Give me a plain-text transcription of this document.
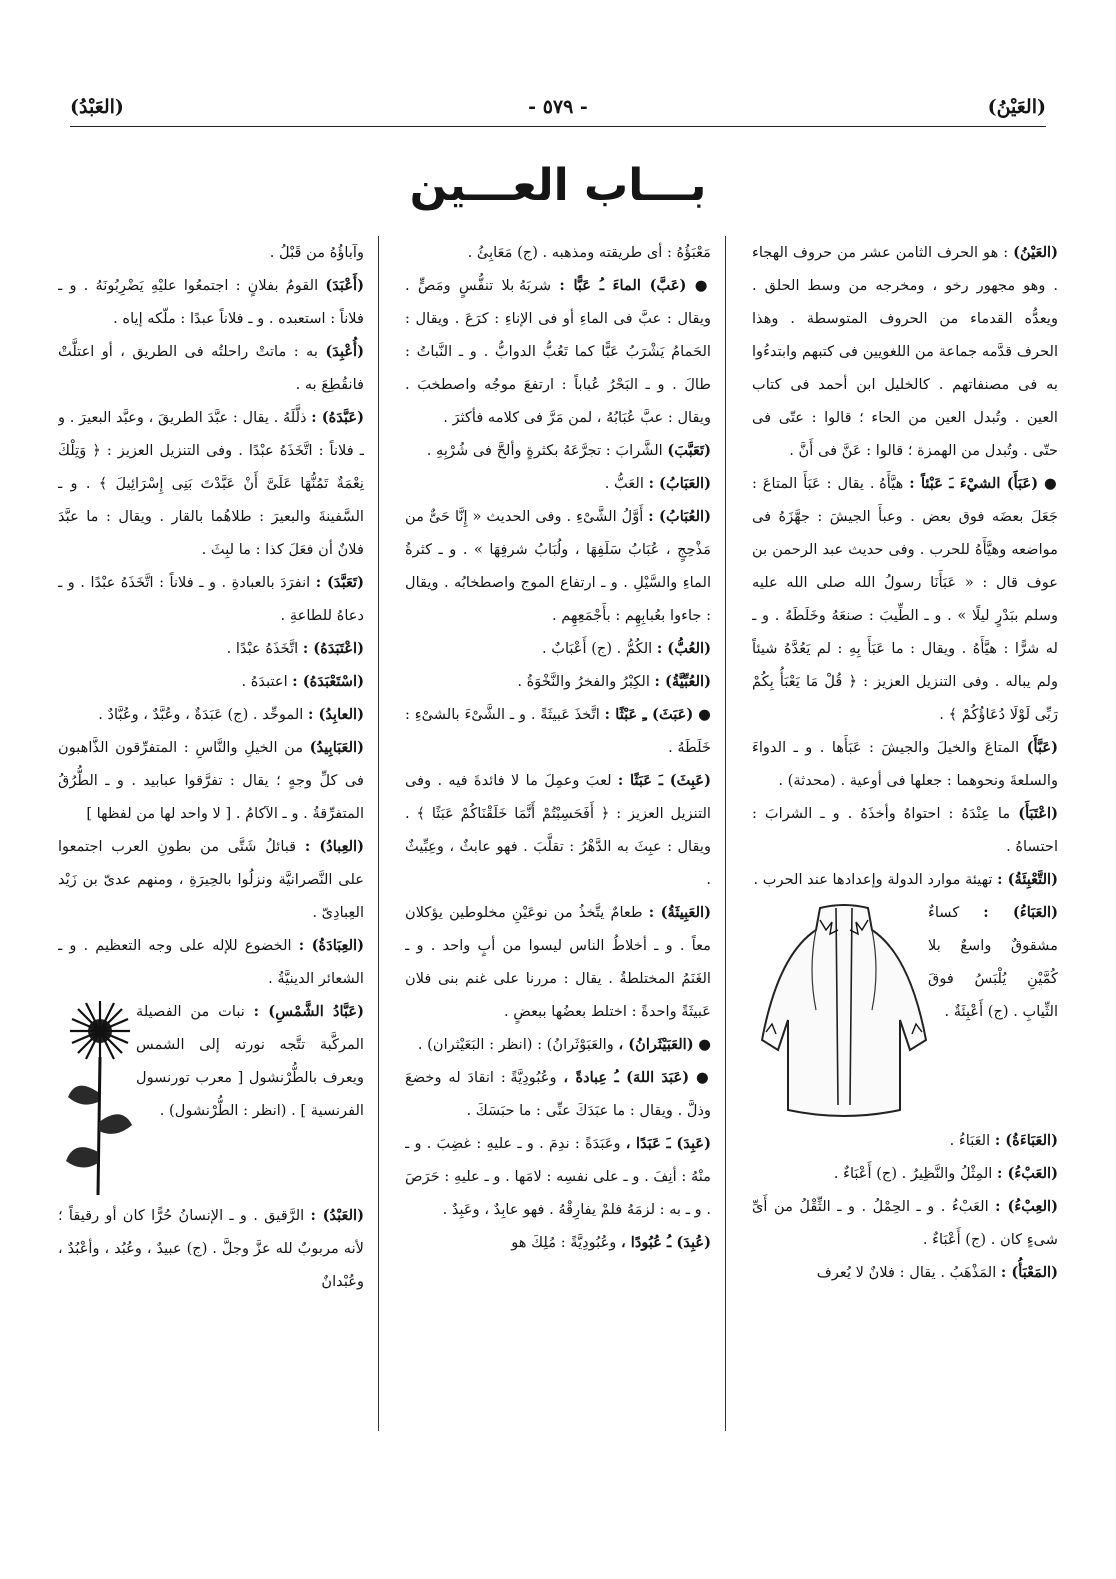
(العَيْنُ)
- ٥٧٩ -
(العَبْدُ)
بـــاب العـــين

(العَيْنُ) : هو الحرف الثامن عشر من حروف الهجاء . وهو مجهور رخو ، ومخرجه من وسط الحلق . ويعدُّه القدماء من الحروف المتوسطة . وهذا الحرف قدَّمه جماعة من اللغويين فى كتبهم وابتدءُوا به فى مصنفاتهم . كالخليل ابن أحمد فى كتاب العين . وتُبدل العين من الحاء ؛ قالوا : عتّى فى حتّى . وتُبدل من الهمزة ؛ قالوا : عَنَّ فى أَنَّ .

● (عَبَأَ) الشيْءَ ـَ عَبْئاً : هيَّأَهُ . يقال : عَبَأَ المتاعَ : جَعَلَ بعضَه فوق بعض . وعبأَ الجيشَ : جهَّزَهُ فى مواضعه وهيَّأَهُ للحرب . وفى حديث عبد الرحمن بن عوف قال : « عَبَأَنَا رسولُ الله صلى الله عليه وسلم ببَدْرٍ ليلًا » . و ـ الطِّيبَ : صنعَهُ وخَلَطَهُ . و ـ له شرًّا : هيَّأَهُ . ويقال : ما عَبَأَ بِهِ : لم يَعُدَّهُ شيئاً ولم يباله . وفى التنزيل العزيز : ﴿ قُلْ مَا يَعْبَأُ بِكُمْ رَبِّى لَوْلَا دُعَاؤُكُمْ ﴾ .

(عَبَّأَ) المتاعَ والخيلَ والجيشَ : عَبَأَها . و ـ الدواءَ والسلعةَ ونحوهما : جعلها فى أوعية . (محدثة) .

(اعْتَبَأَ) ما عِنْدَهُ : احتواهُ وأخذَهُ . و ـ الشرابَ : احتساهُ .

(التَّعْبِئَةُ) : تهيئة موارد الدولة وإعدادها عند الحرب .

(العَبَاءُ) : كساءٌ مشقوقٌ واسعٌ بلا كُمَّيْنِ يُلْبَسُ فوقَ الثِّيابِ . (ج) أَعْبِئَةٌ .

(العَبَاءَةُ) : العَبَاءُ .

(العَبْءُ) : المِثْلُ والنَّظِيرُ . (ج) أَعْبَاءٌ .

(العِبْءُ) : العَبْءُ . و ـ الحِمْلُ . و ـ الثِّقْلُ من أَىِّ شىءٍ كان . (ج) أَعْبَاءٌ .

(المَعْبَأُ) : المَذْهَبُ . يقال : فلانٌ لا يُعرف

مَعْبَؤُهُ : أى طريقته ومذهبه . (ج) مَعَابِئُ .

● (عَبَّ) الماءَ ـُ عَبًّا : شربَهُ بلا تنفُّسٍ ومَصٍّ . ويقال : عبَّ فى الماءِ أو فى الإناءِ : كرَعَ . ويقال : الحَمامُ يَشْرَبُ عَبًّا كما تَعُبُّ الدوابُّ . و ـ النَّباتُ : طالَ . و ـ البَحْرُ عُباباً : ارتفعَ موجُه واصطخبَ . ويقال : عبَّ عُبَابُهُ ، لمن مَرَّ فى كلامه فأكثرَ .

(تَعَبَّبَ) الشَّرابَ : تجرَّعَهُ بكثرةٍ وألحَّ فى شُرْبِهِ .

(العَبَابُ) : العَبُّ .

(العُبَابُ) : أَوَّلُ الشَّىْءِ . وفى الحديث « إِنَّا حَىٌّ من مَذْحِجٍ ، عُبَابُ سَلَفِهَا ، ولُبَابُ شرفِهَا » . و ـ كثرةُ الماءِ والسَّيْلِ . و ـ ارتفاع الموج واصطخابُه . ويقال : جاءوا بعُبابِهِم : بأَجْمَعِهِم .

(العُبُّ) : الكُمُّ . (ج) أَعْبَابٌ .

(العُبِّيَّةُ) : الكِبْرُ والفخرُ والنَّخْوَةُ .

● (عَبَثَ) ـِ عَبْثًا : اتَّخذَ عَبيثَةً . و ـ الشَّىْءَ بالشىْءِ : خَلَطَهُ .

(عَبِثَ) ـَ عَبَثًا : لعبَ وعمِلَ ما لا فائدةَ فيه . وفى التنزيل العزيز : ﴿ أَفَحَسِبْتُمْ أَنَّمَا خَلَقْنَاكُمْ عَبَثًا ﴾ . ويقال : عبِثَ به الدَّهْرُ : تقلَّبَ . فهو عابثٌ ، وعِبِّيثٌ .

(العَبِيثَةُ) : طعامٌ يتَّخذُ من نوعَيْنِ مخلوطين يؤكلان معاً . و ـ أخلاطُ الناس ليسوا من أبٍ واحد . و ـ الغَنَمُ المختلطةُ . يقال : مررنا على غنم بنى فلان عَبيثَةً واحدةً : اختلط بعضُها ببعضٍ .

● (العَبَيْثَرانُ) ، والعَبَوْثَرانُ) : (انظر : البَعَيْثران) .

● (عَبَدَ اللهَ) ـُ عِبادةً ، وعُبُودِيَّةً : انقادَ له وخضعَ وذلَّ . ويقال : ما عبَدَكَ عنِّى : ما حبَسَكَ .

(عَبِدَ) ـَ عَبَدًا ، وعَبَدَةً : ندِمَ . و ـ عليهِ : غضِبَ . و ـ منْهُ : أنِفَ . و ـ على نفسِه : لامَها . و ـ عليهِ : حَرَصَ . و ـ به : لزمَهُ فلمْ يفارِقْهُ . فهو عابِدٌ ، وعَبِدٌ .

(عُبِدَ) ـُ عُبُودًا ، وعُبُودِيَّةً : مُلِكَ هو

وآباؤُهُ من قَبْلُ .

(أَعْبَدَ) القومُ بفلانٍ : اجتمعُوا عليْهِ يَضْرِبُونَهُ . و ـ فلاناً : استعبده . و ـ فلاناً عبدًا : ملّكه إياه .

(أُعْبِدَ) به : ماتتْ راحلتُه فى الطريق ، أو اعتلَّتْ فانقُطِعَ به .

(عَبَّدَهُ) : ذلَّلَهُ . يقال : عبَّدَ الطريقَ ، وعبَّد البعيرَ . و ـ فلاناً : اتَّخَذَهُ عبْدًا . وفى التنزيل العزيز : ﴿ وَتِلْكَ نِعْمَةٌ تَمُنُّهَا عَلَىَّ أَنْ عَبَّدْتَ بَنِى إِسْرَائِيلَ ﴾ . و ـ السَّفينةَ والبعيرَ : طلاهُما بالقار . ويقال : ما عبَّدَ فلانٌ أن فعَلَ كذا : ما لبِثَ .

(تَعَبَّدَ) : انفرَدَ بالعبادةِ . و ـ فلاناً : اتَّخَذَهُ عبْدًا . و ـ دعاهُ للطاعةِ .

(اعْتَبَدَهُ) : اتَّخَذَهُ عبْدًا .

(اسْتَعْبَدَهُ) : اعتبدَهُ .

(العابِدُ) : الموحِّد . (ج) عَبَدَةٌ ، وعُبَّدٌ ، وعُبَّادٌ .

(العَبَابِيدُ) من الخيلِ والنَّاسِ : المتفرِّقون الذَّاهبون فى كلِّ وجهٍ ؛ يقال : تفرَّقوا عبابيد . و ـ الطُّرُقُ المتفرِّقةُ . و ـ الآكامُ . [ لا واحد لها من لفظها ]

(العِبادُ) : قبائلُ شَتَّى من بطونِ العرب اجتمعوا على النَّصرانيَّة ونزلُوا بالحِيرَةِ ، ومنهم عدىّ بن زَيْد العِبادِىّ .

(العِبَادَةُ) : الخضوع للإله على وجه التعظيم . و ـ الشعائر الدينيَّةُ .

(عَبَّادُ الشَّمْسِ) : نبات من الفصيلة المركَّبة تتَّجه نورته إلى الشمس ويعرف بالطُّرْنشول [ معرب تورنسول الفرنسية ] . (انظر : الطُّرْنشول) .

(العَبْدُ) : الرَّقيق . و ـ الإنسانُ حُرًّا كان أو رقيقاً ؛ لأنه مربوبٌ لله عزَّ وجلَّ . (ج) عبيدٌ ، وعُبُد ، وأعْبُدٌ ، وعُبْدانٌ
